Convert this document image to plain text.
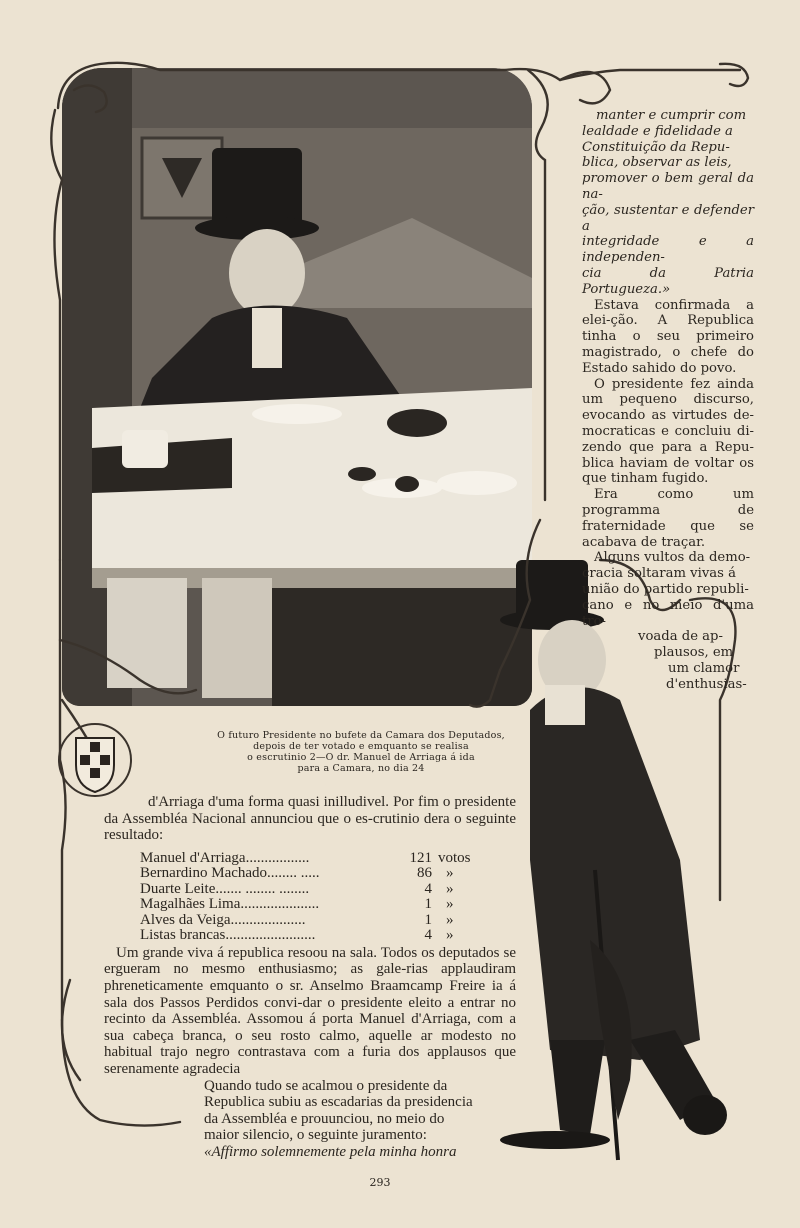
manter e cumprir com
lealdade e fidelidade a
Constituição da Repu-
blica, observar as leis,
promover o bem geral da na-
ção, sustentar e defender a
integridade e a independen-
cia da Patria Portugueza.»

Estava confirmada a elei-ção. A Republica tinha o seu primeiro magistrado, o chefe do Estado sahido do povo.

O presidente fez ainda um pequeno discurso, evocando as virtudes de-mocraticas e concluiu di-zendo que para a Repu-blica haviam de voltar os que tinham fugido.

Era como um programma de fraternidade que se acabava de traçar.

Alguns vultos da demo-
cracia soltaram vivas á
união do partido republi-
cano e no meio d'uma tro-
voada de ap-
plausos, em
um clamor
d'enthusias-
O futuro Presidente no bufete da Camara dos Deputados,
depois de ter votado e emquanto se realisa
o escrutinio 2—O dr. Manuel de Arriaga á ida
para a Camara, no dia 24

d'Arriaga d'uma forma quasi inilludivel. Por fim o presidente da Assembléa Nacional annunciou que o es-crutinio dera o seguinte resultado:

Manuel d'Arriaga.................	121 votos
Bernardino Machado........ .....	86 »
Duarte Leite....... ........ ........	4 »
Magalhães Lima.....................	1 »
Alves da Veiga....................	1 »
Listas brancas........................	4 »

Um grande viva á republica resoou na sala. Todos os deputados se ergueram no mesmo enthusiasmo; as gale-rias applaudiram phreneticamente emquanto o sr. Anselmo Braamcamp Freire ia á sala dos Passos Perdidos convi-dar o presidente eleito a entrar no recinto da Assembléa. Assomou á porta Manuel d'Arriaga, com a sua cabeça branca, o seu rosto calmo, aquelle ar modesto no habitual trajo negro contrastava com a furia dos applausos que serenamente agradecia

Quando tudo se acalmou o presidente da
Republica subiu as escadarias da presidencia
da Assembléa e prouunciou, no meio do
maior silencio, o seguinte juramento:
«Affirmo solemnemente pela minha honra
293
